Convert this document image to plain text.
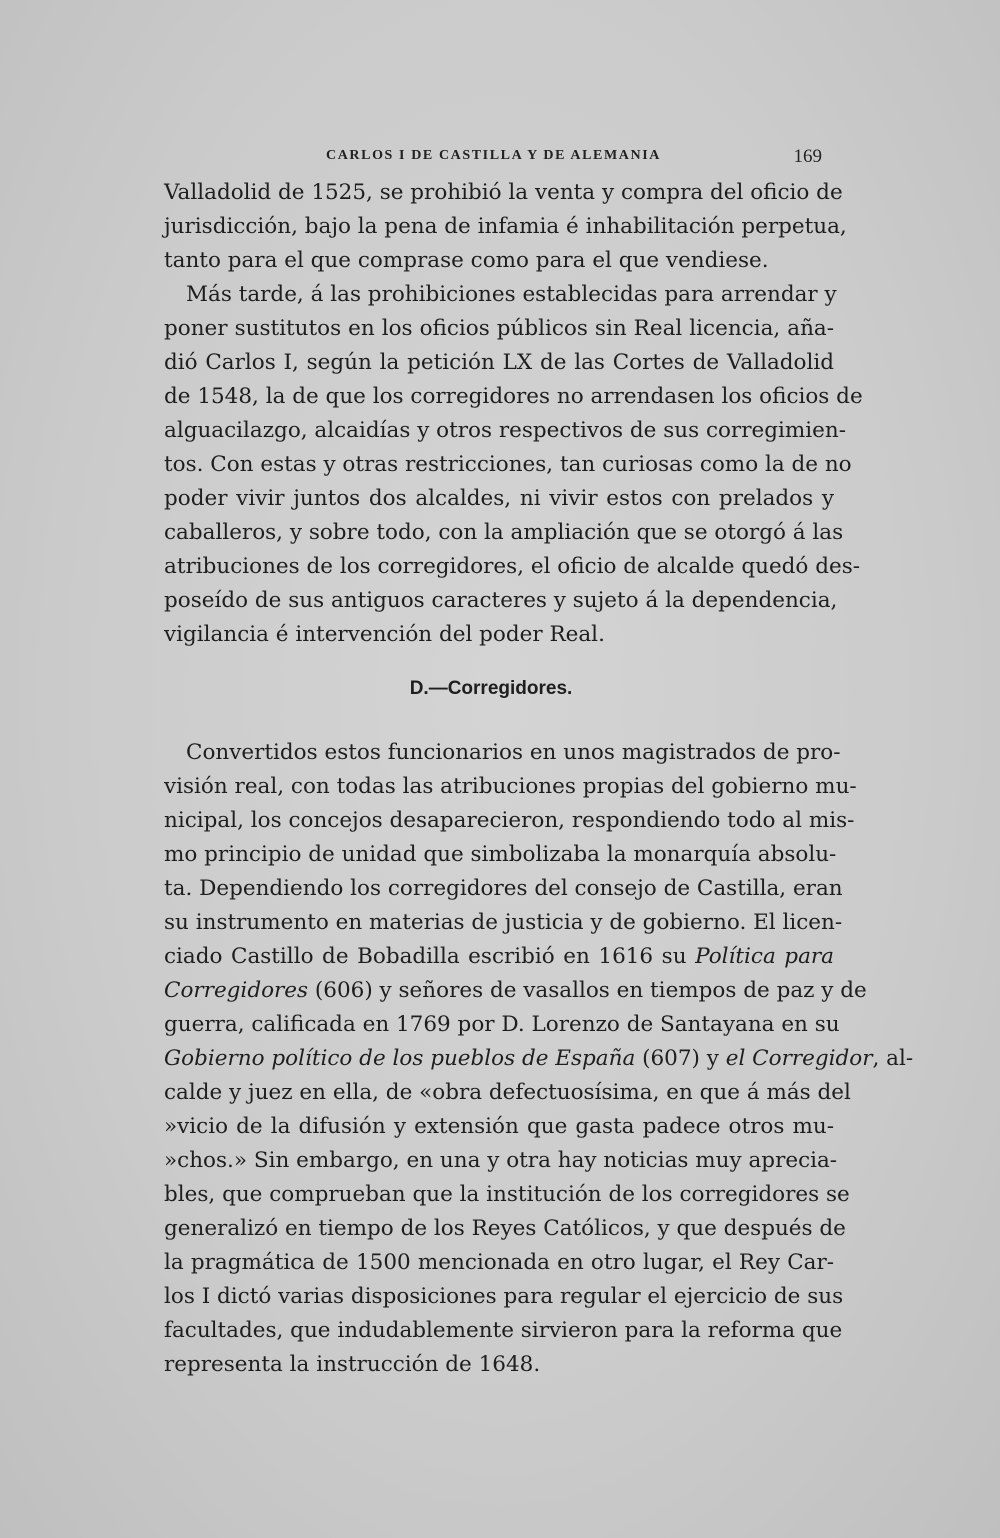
CARLOS I DE CASTILLA Y DE ALEMANIA	169
Valladolid de 1525, se prohibió la venta y compra del oficio de
jurisdicción, bajo la pena de infamia é inhabilitación perpetua,
tanto para el que comprase como para el que vendiese.
Más tarde, á las prohibiciones establecidas para arrendar y
poner sustitutos en los oficios públicos sin Real licencia, aña-
dió Carlos I, según la petición LX de las Cortes de Valladolid
de 1548, la de que los corregidores no arrendasen los oficios de
alguacilazgo, alcaidías y otros respectivos de sus corregimien-
tos. Con estas y otras restricciones, tan curiosas como la de no
poder vivir juntos dos alcaldes, ni vivir estos con prelados y
caballeros, y sobre todo, con la ampliación que se otorgó á las
atribuciones de los corregidores, el oficio de alcalde quedó des-
poseído de sus antiguos caracteres y sujeto á la dependencia,
vigilancia é intervención del poder Real.
D.—Corregidores.
Convertidos estos funcionarios en unos magistrados de pro-
visión real, con todas las atribuciones propias del gobierno mu-
nicipal, los concejos desaparecieron, respondiendo todo al mis-
mo principio de unidad que simbolizaba la monarquía absolu-
ta. Dependiendo los corregidores del consejo de Castilla, eran
su instrumento en materias de justicia y de gobierno. El licen-
ciado Castillo de Bobadilla escribió en 1616 su Política para
Corregidores (606) y señores de vasallos en tiempos de paz y de
guerra, calificada en 1769 por D. Lorenzo de Santayana en su
Gobierno político de los pueblos de España (607) y el Corregidor, al-
calde y juez en ella, de «obra defectuosísima, en que á más del
»vicio de la difusión y extensión que gasta padece otros mu-
»chos.» Sin embargo, en una y otra hay noticias muy aprecia-
bles, que comprueban que la institución de los corregidores se
generalizó en tiempo de los Reyes Católicos, y que después de
la pragmática de 1500 mencionada en otro lugar, el Rey Car-
los I dictó varias disposiciones para regular el ejercicio de sus
facultades, que indudablemente sirvieron para la reforma que
representa la instrucción de 1648.
